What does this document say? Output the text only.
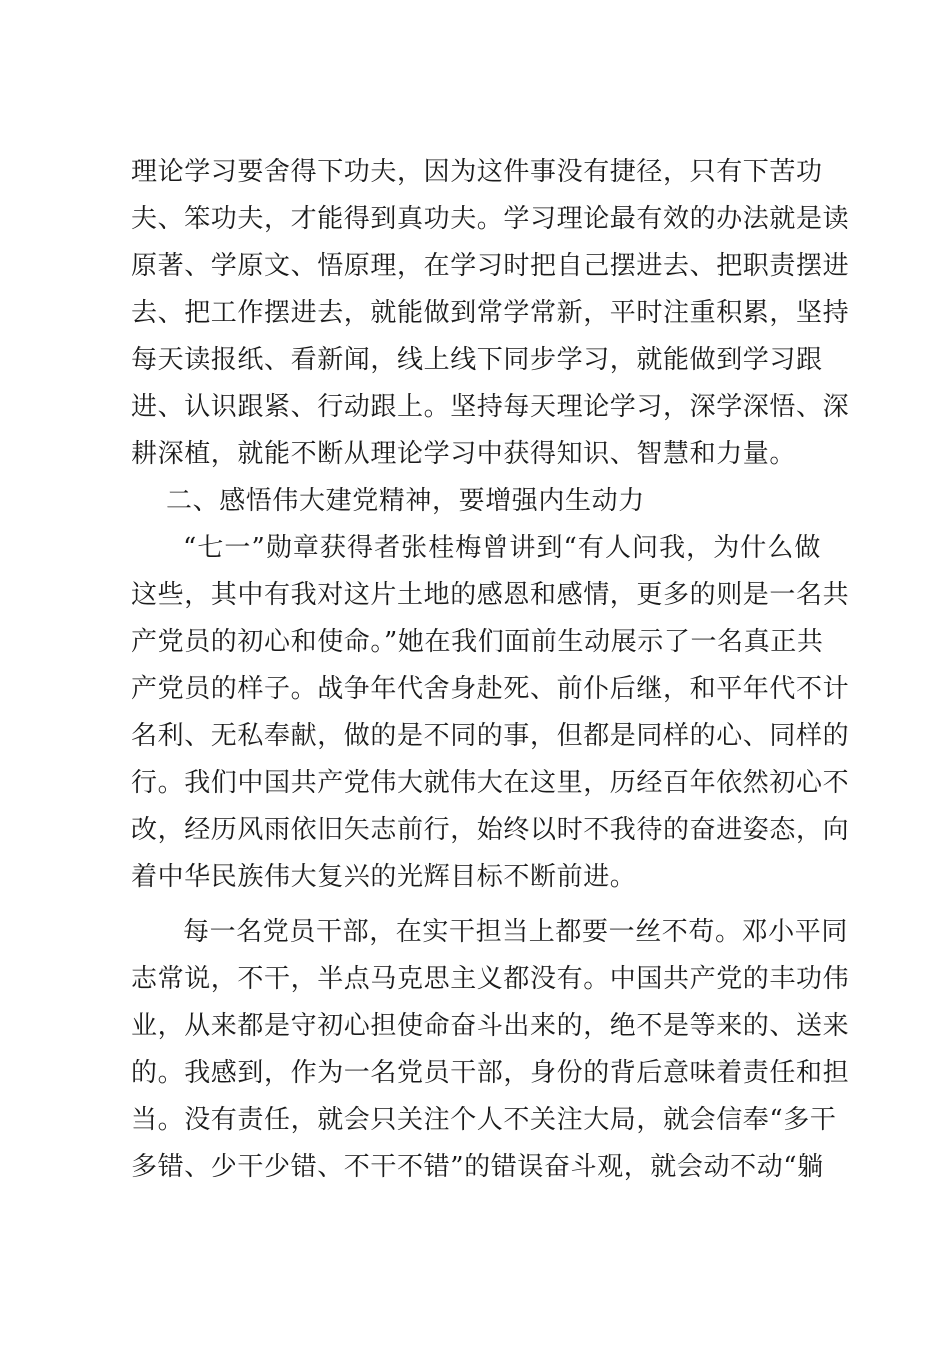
理论学习要舍得下功夫，因为这件事没有捷径，只有下苦功
夫、笨功夫，才能得到真功夫。学习理论最有效的办法就是读
原著、学原文、悟原理，在学习时把自己摆进去、把职责摆进
去、把工作摆进去，就能做到常学常新，平时注重积累，坚持
每天读报纸、看新闻，线上线下同步学习，就能做到学习跟
进、认识跟紧、行动跟上。坚持每天理论学习，深学深悟、深
耕深植，就能不断从理论学习中获得知识、智慧和力量。
二、感悟伟大建党精神，要增强内生动力
“七一”勋章获得者张桂梅曾讲到“有人问我，为什么做
这些，其中有我对这片土地的感恩和感情，更多的则是一名共
产党员的初心和使命。”她在我们面前生动展示了一名真正共
产党员的样子。战争年代舍身赴死、前仆后继，和平年代不计
名利、无私奉献，做的是不同的事，但都是同样的心、同样的
行。我们中国共产党伟大就伟大在这里，历经百年依然初心不
改，经历风雨依旧矢志前行，始终以时不我待的奋进姿态，向
着中华民族伟大复兴的光辉目标不断前进。
每一名党员干部，在实干担当上都要一丝不苟。邓小平同
志常说，不干，半点马克思主义都没有。中国共产党的丰功伟
业，从来都是守初心担使命奋斗出来的，绝不是等来的、送来
的。我感到，作为一名党员干部，身份的背后意味着责任和担
当。没有责任，就会只关注个人不关注大局，就会信奉“多干
多错、少干少错、不干不错”的错误奋斗观，就会动不动“躺
